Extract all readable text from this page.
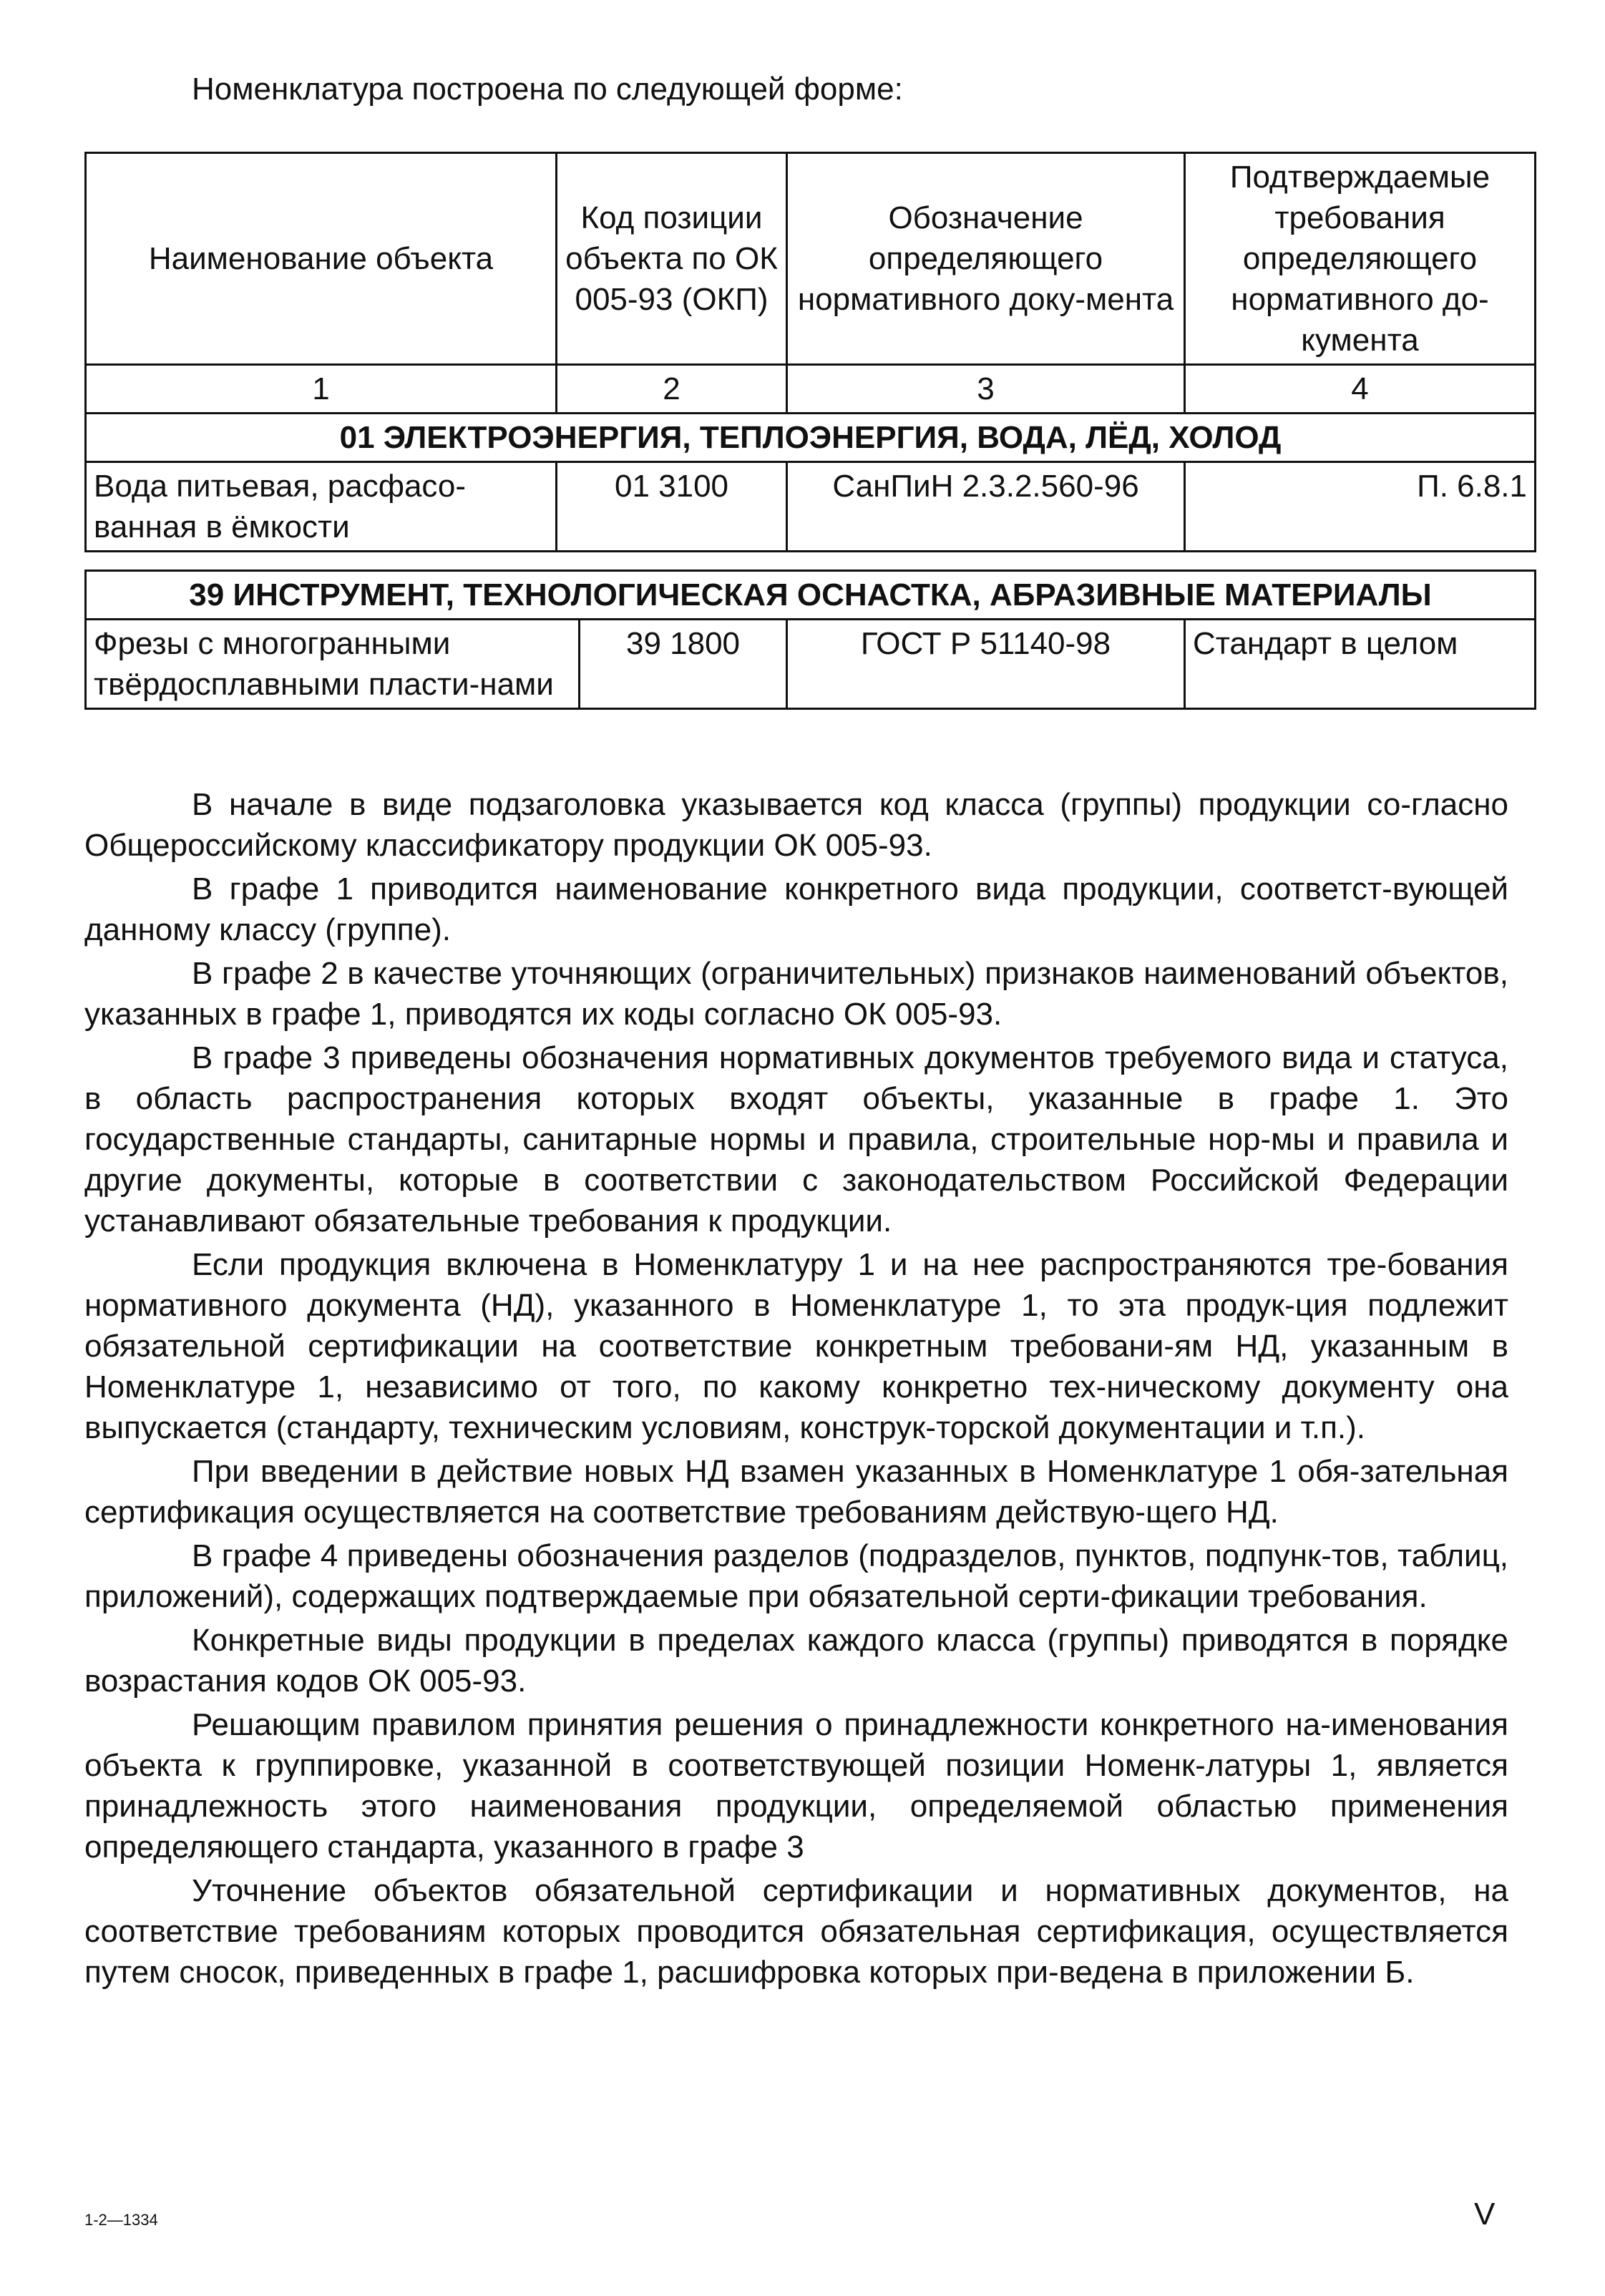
Номенклатура построена по следующей форме:
Наименование объекта	Код позиции объекта по ОК 005-93 (ОКП)	Обозначение определяющего нормативного доку-мента	Подтверждаемые требования определяющего нормативного до-кумента
1	2	3	4
01 ЭЛЕКТРОЭНЕРГИЯ, ТЕПЛОЭНЕРГИЯ, ВОДА, ЛЁД, ХОЛОД			
Вода питьевая, расфасо-ванная в ёмкости	01 3100	СанПиН 2.3.2.560-96	П. 6.8.1
39 ИНСТРУМЕНТ, ТЕХНОЛОГИЧЕСКАЯ ОСНАСТКА, АБРАЗИВНЫЕ МАТЕРИАЛЫ
Фрезы с многогранными твёрдосплавными пласти-нами	39 1800	ГОСТ Р 51140-98	Стандарт в целом

В начале в виде подзаголовка указывается код класса (группы) продукции со-гласно Общероссийскому классификатору продукции ОК 005-93.

В графе 1 приводится наименование конкретного вида продукции, соответст-вующей данному классу (группе).

В графе 2 в качестве уточняющих (ограничительных) признаков наименований объектов, указанных в графе 1, приводятся их коды согласно ОК 005-93.

В графе 3 приведены обозначения нормативных документов требуемого вида и статуса, в область распространения которых входят объекты, указанные в графе 1. Это государственные стандарты, санитарные нормы и правила, строительные нор-мы и правила и другие документы, которые в соответствии с законодательством Российской Федерации устанавливают обязательные требования к продукции.

Если продукция включена в Номенклатуру 1 и на нее распространяются тре-бования нормативного документа (НД), указанного в Номенклатуре 1, то эта продук-ция подлежит обязательной сертификации на соответствие конкретным требовани-ям НД, указанным в Номенклатуре 1, независимо от того, по какому конкретно тех-ническому документу она выпускается (стандарту, техническим условиям, конструк-торской документации и т.п.).

При введении в действие новых НД взамен указанных в Номенклатуре 1 обя-зательная сертификация осуществляется на соответствие требованиям действую-щего НД.

В графе 4 приведены обозначения разделов (подразделов, пунктов, подпунк-тов, таблиц, приложений), содержащих подтверждаемые при обязательной серти-фикации требования.

Конкретные виды продукции в пределах каждого класса (группы) приводятся в порядке возрастания кодов ОК 005-93.

Решающим правилом принятия решения о принадлежности конкретного на-именования объекта к группировке, указанной в соответствующей позиции Номенк-латуры 1, является принадлежность этого наименования продукции, определяемой областью применения определяющего стандарта, указанного в графе 3

Уточнение объектов обязательной сертификации и нормативных документов, на соответствие требованиям которых проводится обязательная сертификация, осуществляется путем сносок, приведенных в графе 1, расшифровка которых при-ведена в приложении Б.

1-2—1334	V
